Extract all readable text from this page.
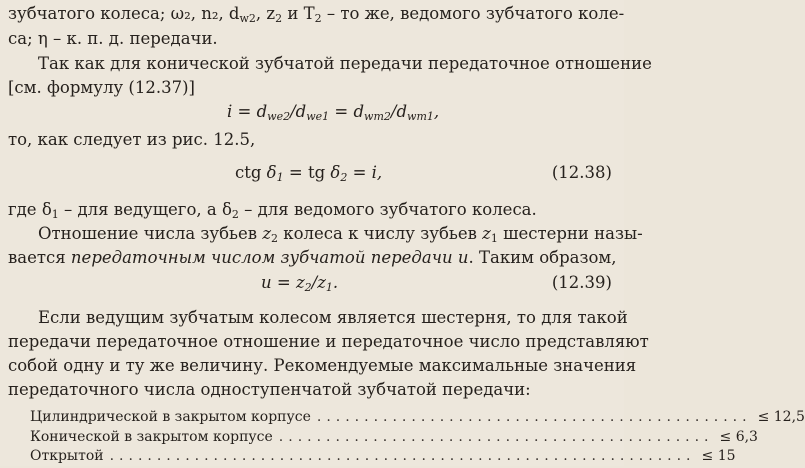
зубчатого колеса; ω₂, n₂, $d_{w2}$, $z_2$ и $T_2$ – то же, ведомого зубчатого коле-
са; η – к. п. д. передачи.
Так как для конической зубчатой передачи передаточное отношение
[см. формулу (12.37)]
$i = d_{we2}/d_{we1} = d_{wm2}/d_{wm1}$,
то, как следует из рис. 12.5,
ctg $\delta_1$ = tg $\delta_2 = i$,	(12.38)
где $\delta_1$ – для ведущего, а $\delta_2$ – для ведомого зубчатого колеса.
Отношение числа зубьев $z_2$ колеса к числу зубьев $z_1$ шестерни назы-
вается передаточным числом зубчатой передачи u. Таким образом,
$u = z_2/z_1$.	(12.39)
Если ведущим зубчатым колесом является шестерня, то для такой
передачи передаточное отношение и передаточное число представляют
собой одну и ту же величину. Рекомендуемые максимальные значения
передаточного числа одноступенчатой зубчатой передачи:
Цилиндрической в закрытом корпусе .............................................. ≤ 12,5
Конической в закрытом корпусе .............................................. ≤ 6,3
Открытой .............................................................. ≤ 15
